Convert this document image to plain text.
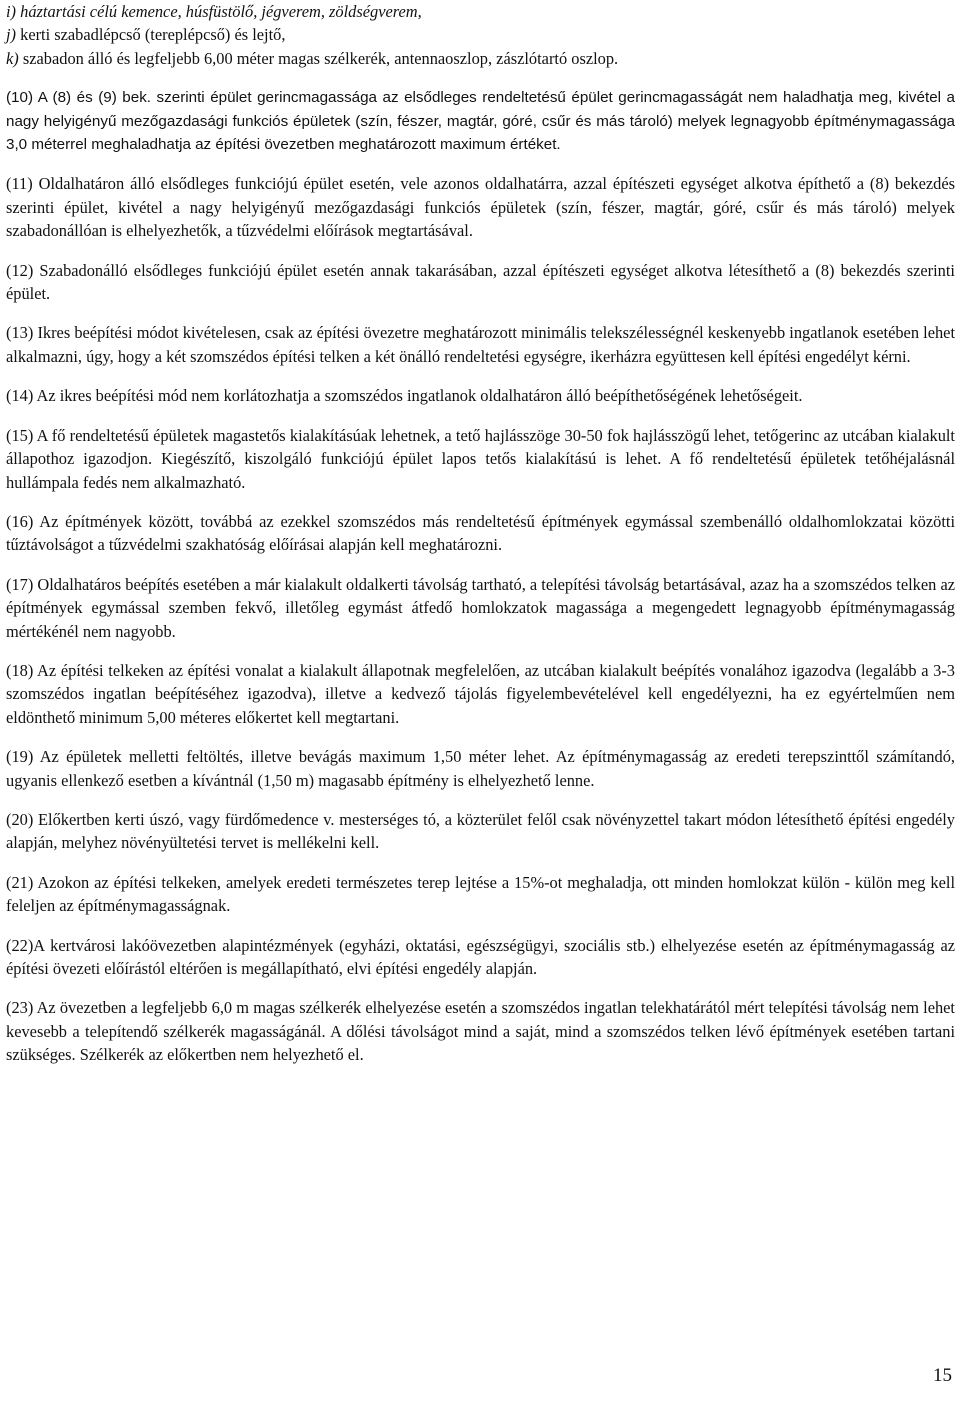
i) háztartási célú kemence, húsfüstölő, jégverem, zöldségverem,
j) kerti szabadlépcső (tereplépcső) és lejtő,
k) szabadon álló és legfeljebb 6,00 méter magas szélkerék, antennaoszlop, zászlótartó oszlop.

(10) A (8) és (9) bek. szerinti épület gerincmagassága az elsődleges rendeltetésű épület gerincmagasságát nem haladhatja meg, kivétel a nagy helyigényű mezőgazdasági funkciós épületek (szín, fészer, magtár, góré, csűr és más tároló) melyek legnagyobb építménymagassága 3,0 méterrel meghaladhatja az építési övezetben meghatározott maximum értéket.

(11) Oldalhatáron álló elsődleges funkciójú épület esetén, vele azonos oldalhatárra, azzal építészeti egységet alkotva építhető a (8) bekezdés szerinti épület, kivétel a nagy helyigényű mezőgazdasági funkciós épületek (szín, fészer, magtár, góré, csűr és más tároló) melyek szabadonállóan is elhelyezhetők, a tűzvédelmi előírások megtartásával.

(12) Szabadonálló elsődleges funkciójú épület esetén annak takarásában, azzal építészeti egységet alkotva létesíthető a (8) bekezdés szerinti épület.

(13) Ikres beépítési módot kivételesen, csak az építési övezetre meghatározott minimális telekszélességnél keskenyebb ingatlanok esetében lehet alkalmazni, úgy, hogy a két szomszédos építési telken a két önálló rendeltetési egységre, ikerházra együttesen kell építési engedélyt kérni.

(14) Az ikres beépítési mód nem korlátozhatja a szomszédos ingatlanok oldalhatáron álló beépíthetőségének lehetőségeit.

(15) A fő rendeltetésű épületek magastetős kialakításúak lehetnek, a tető hajlásszöge 30-50 fok hajlásszögű lehet, tetőgerinc az utcában kialakult állapothoz igazodjon. Kiegészítő, kiszolgáló funkciójú épület lapos tetős kialakítású is lehet. A fő rendeltetésű épületek tetőhéjalásnál hullámpala fedés nem alkalmazható.

(16) Az építmények között, továbbá az ezekkel szomszédos más rendeltetésű építmények egymással szembenálló oldalhomlokzatai közötti tűztávolságot a tűzvédelmi szakhatóság előírásai alapján kell meghatározni.

(17) Oldalhatáros beépítés esetében a már kialakult oldalkerti távolság tartható, a telepítési távolság betartásával, azaz ha a szomszédos telken az építmények egymással szemben fekvő, illetőleg egymást átfedő homlokzatok magassága a megengedett legnagyobb építménymagasság mértékénél nem nagyobb.

(18) Az építési telkeken az építési vonalat a kialakult állapotnak megfelelően, az utcában kialakult beépítés vonalához igazodva (legalább a 3-3 szomszédos ingatlan beépítéséhez igazodva), illetve a kedvező tájolás figyelembevételével kell engedélyezni, ha ez egyértelműen nem eldönthető minimum 5,00 méteres előkertet kell megtartani.

(19) Az épületek melletti feltöltés, illetve bevágás maximum 1,50 méter lehet. Az építménymagasság az eredeti terepszinttől számítandó, ugyanis ellenkező esetben a kívántnál (1,50 m) magasabb építmény is elhelyezhető lenne.

(20) Előkertben kerti úszó, vagy fürdőmedence v. mesterséges tó, a közterület felől csak növényzettel takart módon létesíthető építési engedély alapján, melyhez növényültetési tervet is mellékelni kell.

(21) Azokon az építési telkeken, amelyek eredeti természetes terep lejtése a 15%-ot meghaladja, ott minden homlokzat külön - külön meg kell feleljen az építménymagasságnak.

(22)A kertvárosi lakóövezetben alapintézmények (egyházi, oktatási, egészségügyi, szociális stb.) elhelyezése esetén az építménymagasság az építési övezeti előírástól eltérően is megállapítható, elvi építési engedély alapján.

(23) Az övezetben a legfeljebb 6,0 m magas szélkerék elhelyezése esetén a szomszédos ingatlan telekhatárától mért telepítési távolság nem lehet kevesebb a telepítendő szélkerék magasságánál. A dőlési távolságot mind a saját, mind a szomszédos telken lévő építmények esetében tartani szükséges. Szélkerék az előkertben nem helyezhető el.

15
